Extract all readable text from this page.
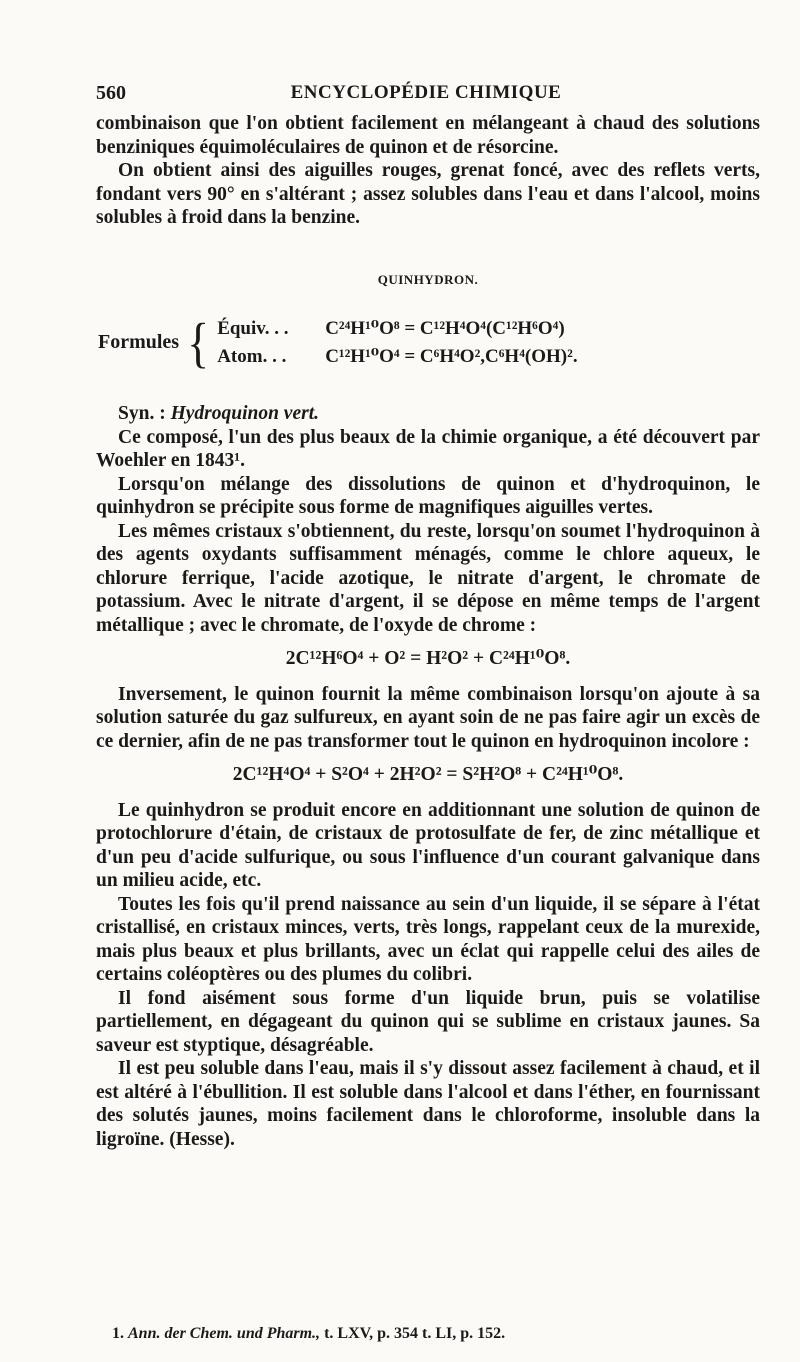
560	ENCYCLOPÉDIE CHIMIQUE

combinaison que l'on obtient facilement en mélangeant à chaud des solutions benziniques équimoléculaires de quinon et de résorcine.

On obtient ainsi des aiguilles rouges, grenat foncé, avec des reflets verts, fondant vers 90° en s'altérant ; assez solubles dans l'eau et dans l'alcool, moins solubles à froid dans la benzine.

QUINHYDRON.
Formules { Équiv. . .	C²⁴H¹⁰O⁸ = C¹²H⁴O⁴(C¹²H⁶O⁴)
Atom. . .	C¹²H¹⁰O⁴ = C⁶H⁴O²,C⁶H⁴(OH)².

Syn. : Hydroquinon vert.

Ce composé, l'un des plus beaux de la chimie organique, a été découvert par Woehler en 1843¹.

Lorsqu'on mélange des dissolutions de quinon et d'hydroquinon, le quinhydron se précipite sous forme de magnifiques aiguilles vertes.

Les mêmes cristaux s'obtiennent, du reste, lorsqu'on soumet l'hydroquinon à des agents oxydants suffisamment ménagés, comme le chlore aqueux, le chlorure ferrique, l'acide azotique, le nitrate d'argent, le chromate de potassium. Avec le nitrate d'argent, il se dépose en même temps de l'argent métallique ; avec le chromate, de l'oxyde de chrome :

2C¹²H⁶O⁴ + O² = H²O² + C²⁴H¹⁰O⁸.

Inversement, le quinon fournit la même combinaison lorsqu'on ajoute à sa solution saturée du gaz sulfureux, en ayant soin de ne pas faire agir un excès de ce dernier, afin de ne pas transformer tout le quinon en hydroquinon incolore :

2C¹²H⁴O⁴ + S²O⁴ + 2H²O² = S²H²O⁸ + C²⁴H¹⁰O⁸.

Le quinhydron se produit encore en additionnant une solution de quinon de protochlorure d'étain, de cristaux de protosulfate de fer, de zinc métallique et d'un peu d'acide sulfurique, ou sous l'influence d'un courant galvanique dans un milieu acide, etc.

Toutes les fois qu'il prend naissance au sein d'un liquide, il se sépare à l'état cristallisé, en cristaux minces, verts, très longs, rappelant ceux de la murexide, mais plus beaux et plus brillants, avec un éclat qui rappelle celui des ailes de certains coléoptères ou des plumes du colibri.

Il fond aisément sous forme d'un liquide brun, puis se volatilise partiellement, en dégageant du quinon qui se sublime en cristaux jaunes. Sa saveur est styptique, désagréable.

Il est peu soluble dans l'eau, mais il s'y dissout assez facilement à chaud, et il est altéré à l'ébullition. Il est soluble dans l'alcool et dans l'éther, en fournissant des solutés jaunes, moins facilement dans le chloroforme, insoluble dans la ligroïne. (Hesse).

1. Ann. der Chem. und Pharm., t. LXV, p. 354 t. LI, p. 152.
